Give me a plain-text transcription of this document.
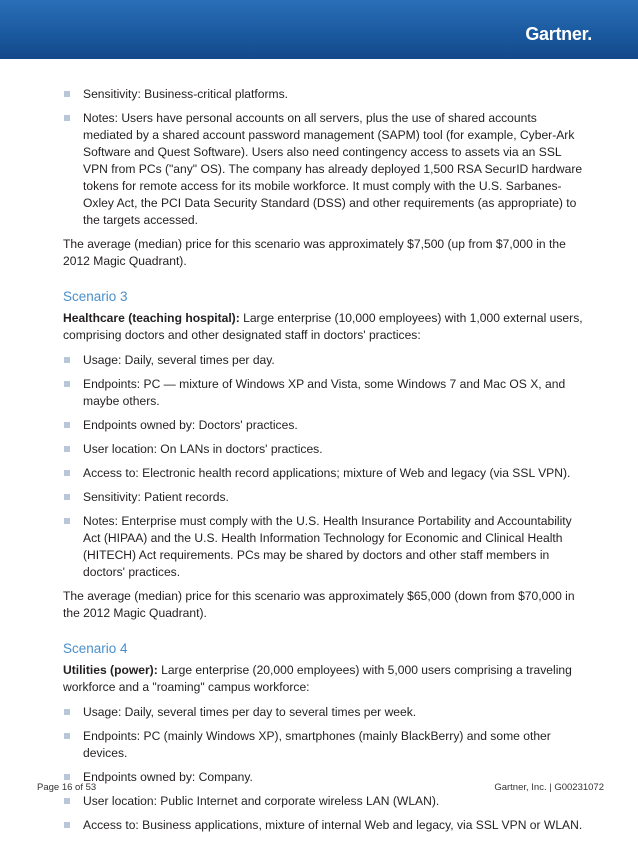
Gartner.
Sensitivity: Business-critical platforms.
Notes: Users have personal accounts on all servers, plus the use of shared accounts mediated by a shared account password management (SAPM) tool (for example, Cyber-Ark Software and Quest Software). Users also need contingency access to assets via an SSL VPN from PCs ("any" OS). The company has already deployed 1,500 RSA SecurID hardware tokens for remote access for its mobile workforce. It must comply with the U.S. Sarbanes-Oxley Act, the PCI Data Security Standard (DSS) and other requirements (as appropriate) to the targets accessed.

The average (median) price for this scenario was approximately $7,500 (up from $7,000 in the 2012 Magic Quadrant).

Scenario 3

Healthcare (teaching hospital): Large enterprise (10,000 employees) with 1,000 external users, comprising doctors and other designated staff in doctors' practices:

Usage: Daily, several times per day.
Endpoints: PC — mixture of Windows XP and Vista, some Windows 7 and Mac OS X, and maybe others.
Endpoints owned by: Doctors' practices.
User location: On LANs in doctors' practices.
Access to: Electronic health record applications; mixture of Web and legacy (via SSL VPN).
Sensitivity: Patient records.
Notes: Enterprise must comply with the U.S. Health Insurance Portability and Accountability Act (HIPAA) and the U.S. Health Information Technology for Economic and Clinical Health (HITECH) Act requirements. PCs may be shared by doctors and other staff members in doctors' practices.

The average (median) price for this scenario was approximately $65,000 (down from $70,000 in the 2012 Magic Quadrant).

Scenario 4

Utilities (power): Large enterprise (20,000 employees) with 5,000 users comprising a traveling workforce and a "roaming" campus workforce:

Usage: Daily, several times per day to several times per week.
Endpoints: PC (mainly Windows XP), smartphones (mainly BlackBerry) and some other devices.
Endpoints owned by: Company.
User location: Public Internet and corporate wireless LAN (WLAN).
Access to: Business applications, mixture of internal Web and legacy, via SSL VPN or WLAN.
Page 16 of 53	Gartner, Inc. | G00231072
